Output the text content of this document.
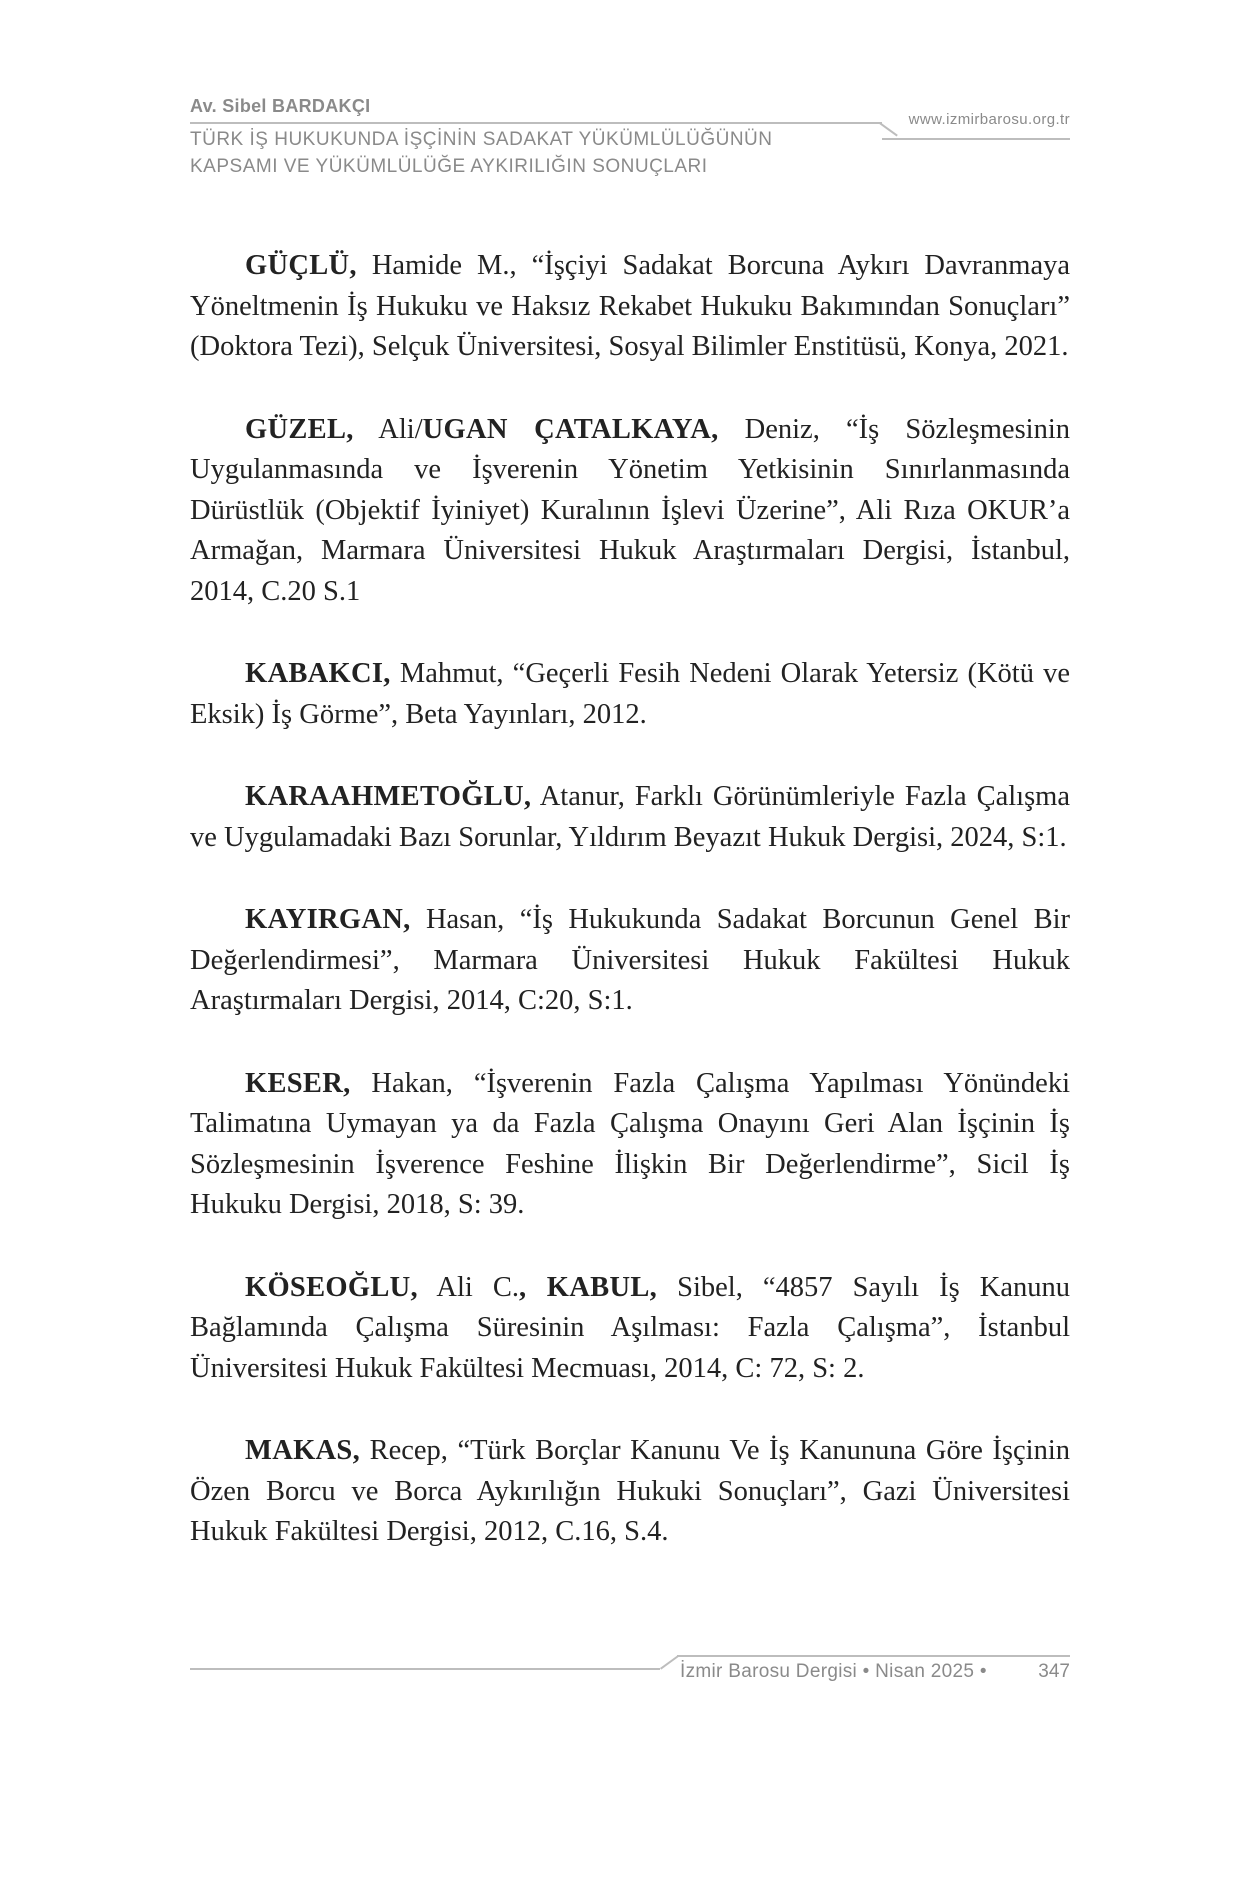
Av. Sibel BARDAKÇI
www.izmirbarosu.org.tr
TÜRK İŞ HUKUKUNDA İŞÇİNİN SADAKAT YÜKÜMLÜLÜĞÜNÜN
KAPSAMI VE YÜKÜMLÜLÜĞE AYKIRILIĞIN SONUÇLARI

GÜÇLÜ, Hamide M., “İşçiyi Sadakat Borcuna Aykırı Davranmaya Yöneltmenin İş Hukuku ve Haksız Rekabet Hukuku Bakımından Sonuçları” (Doktora Tezi), Selçuk Üniversitesi, Sosyal Bilimler Enstitüsü, Konya, 2021.

GÜZEL, Ali/UGAN ÇATALKAYA, Deniz, “İş Sözleşmesinin Uygulanmasında ve İşverenin Yönetim Yetkisinin Sınırlanmasında Dürüstlük (Objektif İyiniyet) Kuralının İşlevi Üzerine”, Ali Rıza OKUR’a Armağan, Marmara Üniversitesi Hukuk Araştırmaları Dergisi, İstanbul, 2014, C.20 S.1

KABAKCI, Mahmut, “Geçerli Fesih Nedeni Olarak Yetersiz (Kötü ve Eksik) İş Görme”, Beta Yayınları, 2012.

KARAAHMETOĞLU, Atanur, Farklı Görünümleriyle Fazla Çalışma ve Uygulamadaki Bazı Sorunlar, Yıldırım Beyazıt Hukuk Dergisi, 2024, S:1.

KAYIRGAN, Hasan, “İş Hukukunda Sadakat Borcunun Genel Bir Değerlendirmesi”, Marmara Üniversitesi Hukuk Fakültesi Hukuk Araştırmaları Dergisi, 2014, C:20, S:1.

KESER, Hakan, “İşverenin Fazla Çalışma Yapılması Yönündeki Talimatına Uymayan ya da Fazla Çalışma Onayını Geri Alan İşçinin İş Sözleşmesinin İşverence Feshine İlişkin Bir Değerlendirme”, Sicil İş Hukuku Dergisi, 2018, S: 39.

KÖSEOĞLU, Ali C., KABUL, Sibel, “4857 Sayılı İş Kanunu Bağlamında Çalışma Süresinin Aşılması: Fazla Çalışma”, İstanbul Üniversitesi Hukuk Fakültesi Mecmuası, 2014, C: 72, S: 2.

MAKAS, Recep, “Türk Borçlar Kanunu Ve İş Kanununa Göre İşçinin Özen Borcu ve Borca Aykırılığın Hukuki Sonuçları”, Gazi Üniversitesi Hukuk Fakültesi Dergisi, 2012, C.16, S.4.

İzmir Barosu Dergisi • Nisan 2025 •	347
